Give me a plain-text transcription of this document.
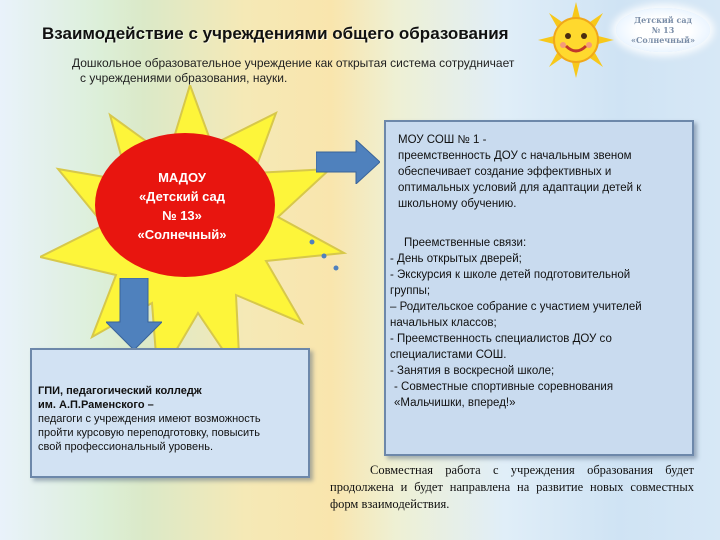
Взаимодействие с учреждениями общего образования
Дошкольное образовательное учреждение как открытая система сотрудничает
с учреждениями образования, науки.
Детский сад
№ 13
«Солнечный»
МАДОУ
«Детский сад
№ 13»
«Солнечный»
ГПИ, педагогический колледж
им. А.П.Раменского –
педагоги с учреждения имеют возможность
пройти курсовую переподготовку, повысить
свой профессиональный уровень.
МОУ СОШ № 1 -
преемственность ДОУ с начальным звеном
обеспечивает создание эффективных и
оптимальных условий для адаптации детей к
школьному обучению.
Преемственные связи:
- День открытых дверей;
- Экскурсия к школе детей подготовительной
группы;
– Родительское собрание с участием учителей
начальных классов;
- Преемственность специалистов ДОУ со
специалистами СОШ.
- Занятия в воскресной школе;
- Совместные спортивные соревнования
«Мальчишки, вперед!»
Совместная работа с учреждения образования будет продолжена и будет направлена на развитие новых совместных форм взаимодействия.
